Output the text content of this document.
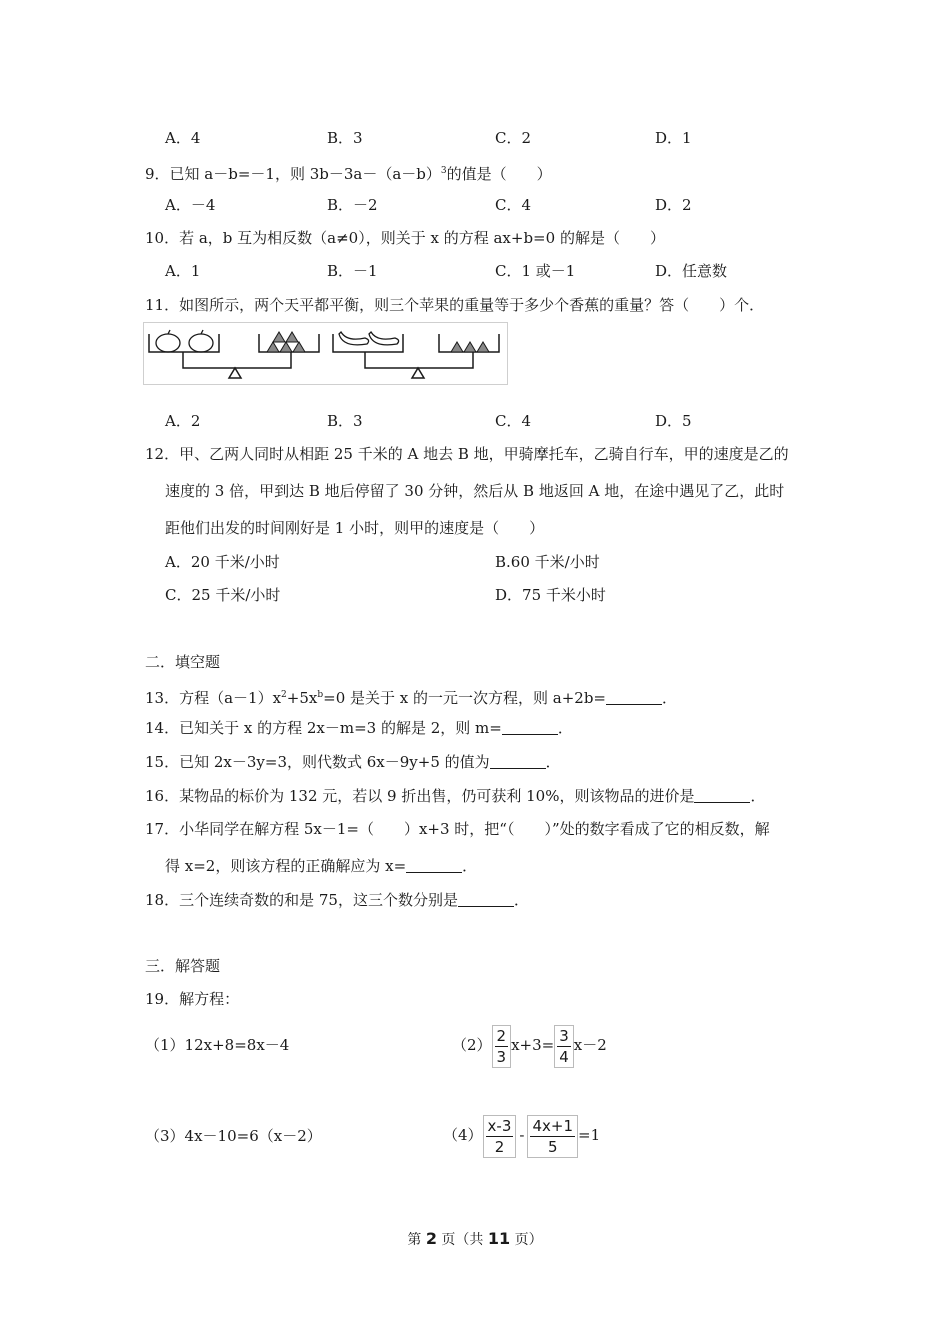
A．4	B．3	C．2	D．1
9．已知 a－b=－1，则 $3b-3a-(a-b)^3$的值是（　　）
A．－4	B．－2	C．4	D．2
10．若 a，b 互为相反数（a≠0），则关于 x 的方程 ax+b=0 的解是（　　）
A．1	B．－1	C．1 或－1	D．任意数
11．如图所示，两个天平都平衡，则三个苹果的重量等于多少个香蕉的重量？答（　　）个．
A．2	B．3	C．4	D．5
12．甲、乙两人同时从相距 25 千米的 A 地去 B 地，甲骑摩托车，乙骑自行车，甲的速度是乙的
速度的 3 倍，甲到达 B 地后停留了 30 分钟，然后从 B 地返回 A 地，在途中遇见了乙，此时
距他们出发的时间刚好是 1 小时，则甲的速度是（　　）
A．20 千米/小时	B.60 千米/小时
C．25 千米/小时	D．75 千米小时
二．填空题
13．方程$(a-1)x^2+5x^b=0$ 是关于 x 的一元一次方程，则 a+2b=	．
14．已知关于 x 的方程 2x－m=3 的解是 2，则 m=	．
15．已知 2x－3y=3，则代数式 6x－9y+5 的值为	．
16．某物品的标价为 132 元，若以 9 折出售，仍可获利 10%，则该物品的进价是	．
17．小华同学在解方程 5x－1=（　　）x+3 时，把“（　　）”处的数字看成了它的相反数，解
得 x=2，则该方程的正确解应为 x=	．
18．三个连续奇数的和是 75，这三个数分别是	．
三．解答题
19．解方程：
（1）12x+8=8x－4	$(2) \frac{2}{3} x+3= \frac{3}{4} x-2$
（3）4x－10=6（x－2）	$(4) \frac{x-3}{2} - \frac{4x+1}{5} =1$
第 2 页（共 11 页）
